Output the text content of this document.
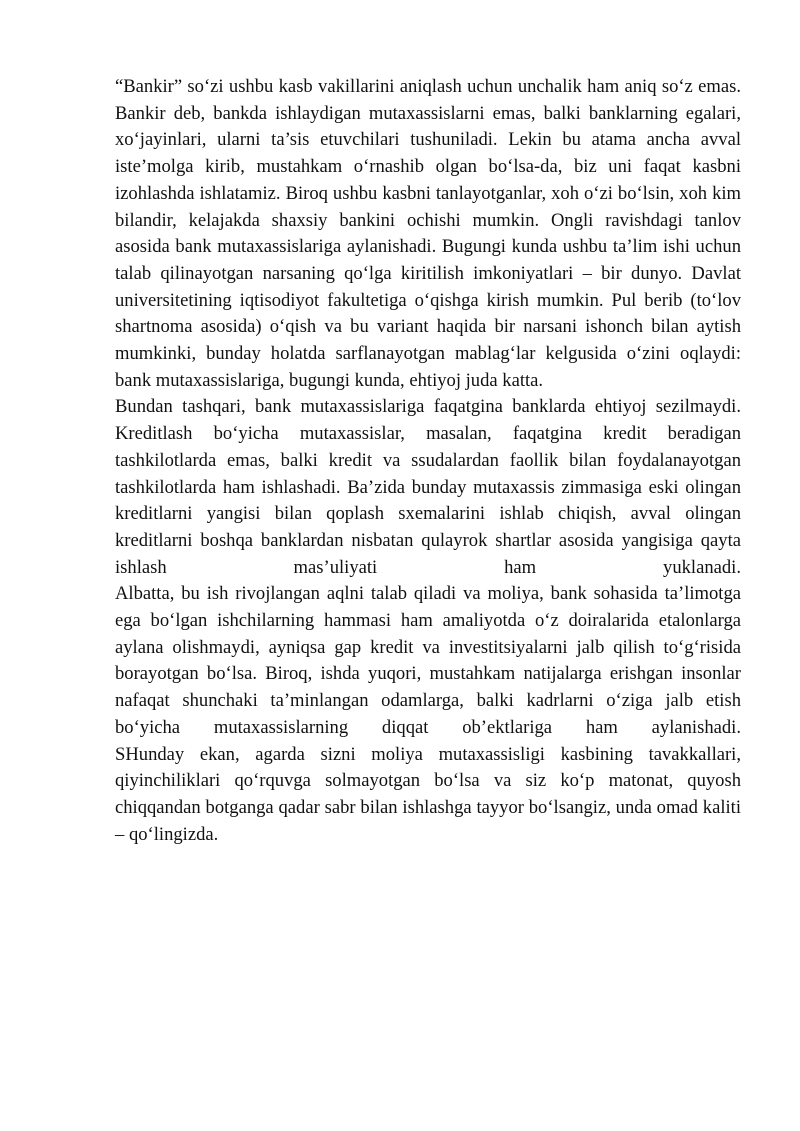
“Bankir” so‘zi ushbu kasb vakillarini aniqlash uchun unchalik ham aniq so‘z emas. Bankir deb, bankda ishlaydigan mutaxassislarni emas, balki banklarning egalari, xo‘jayinlari, ularni ta’sis etuvchilari tushuniladi. Lekin bu atama ancha avval iste’molga kirib, mustahkam o‘rnashib olgan bo‘lsa-da, biz uni faqat kasbni izohlashda ishlatamiz. Biroq ushbu kasbni tanlayotganlar, xoh o‘zi bo‘lsin, xoh kim bilandir, kelajakda shaxsiy bankini ochishi mumkin. Ongli ravishdagi tanlov asosida bank mutaxassislariga aylanishadi. Bugungi kunda ushbu ta’lim ishi uchun talab qilinayotgan narsaning qo‘lga kiritilish imkoniyatlari – bir dunyo. Davlat universitetining iqtisodiyot fakultetiga o‘qishga kirish mumkin. Pul berib (to‘lov shartnoma asosida) o‘qish va bu variant haqida bir narsani ishonch bilan aytish mumkinki, bunday holatda sarflanayotgan mablag‘lar kelgusida o‘zini oqlaydi: bank mutaxassislariga, bugungi kunda, ehtiyoj juda katta.

Bundan tashqari, bank mutaxassislariga faqatgina banklarda ehtiyoj sezilmaydi. Kreditlash bo‘yicha mutaxassislar, masalan, faqatgina kredit beradigan tashkilotlarda emas, balki kredit va ssudalardan faollik bilan foydalanayotgan tashkilotlarda ham ishlashadi. Ba’zida bunday mutaxassis zimmasiga eski olingan kreditlarni yangisi bilan qoplash sxemalarini ishlab chiqish, avval olingan kreditlarni boshqa banklardan nisbatan qulayrok shartlar asosida yangisiga qayta ishlash mas’uliyati ham yuklanadi.

Albatta, bu ish rivojlangan aqlni talab qiladi va moliya, bank sohasida ta’limotga ega bo‘lgan ishchilarning hammasi ham amaliyotda o‘z doiralarida etalonlarga aylana olishmaydi, ayniqsa gap kredit va investitsiyalarni jalb qilish to‘g‘risida borayotgan bo‘lsa. Biroq, ishda yuqori, mustahkam natijalarga erishgan insonlar nafaqat shunchaki ta’minlangan odamlarga, balki kadrlarni o‘ziga jalb etish bo‘yicha mutaxassislarning diqqat ob’ektlariga ham aylanishadi.

SHunday ekan, agarda sizni moliya mutaxassisligi kasbining tavakkallari, qiyinchiliklari qo‘rquvga solmayotgan bo‘lsa va siz ko‘p matonat, quyosh chiqqandan botganga qadar sabr bilan ishlashga tayyor bo‘lsangiz, unda omad kaliti – qo‘lingizda.
